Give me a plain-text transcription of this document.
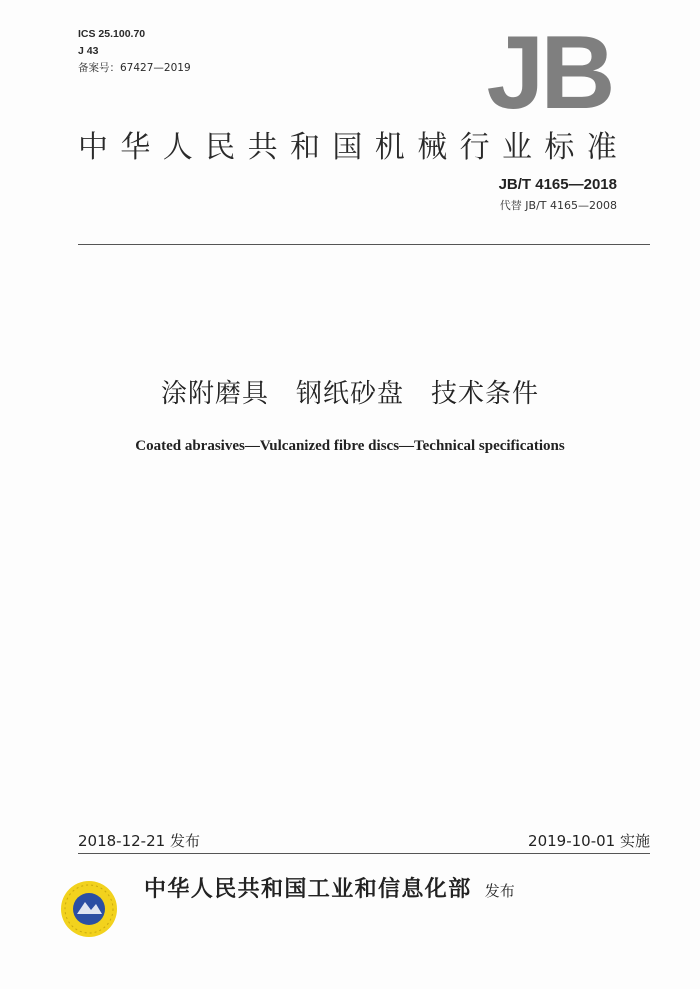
ICS 25.100.70
J 43
备案号：67427—2019	JB
中华人民共和国机械行业标准
JB/T 4165—2018
代替 JB/T 4165—2008
涂附磨具　钢纸砂盘　技术条件
Coated abrasives—Vulcanized fibre discs—Technical specifications
2018-12-21 发布	2019-10-01 实施
中华人民共和国工业和信息化部 发布
